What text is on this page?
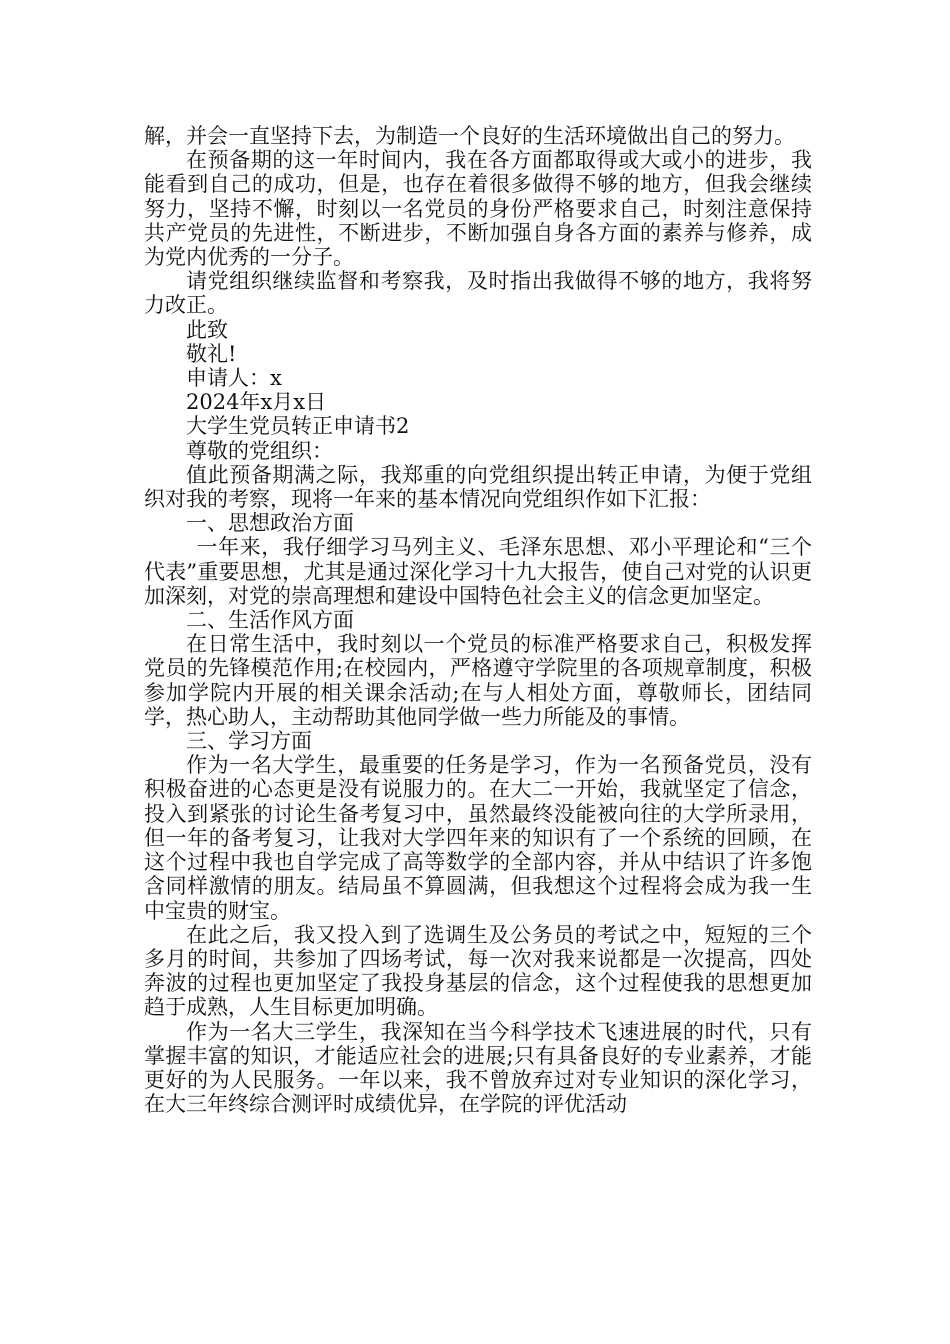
解，并会一直坚持下去，为制造一个良好的生活环境做出自己的努力。

在预备期的这一年时间内，我在各方面都取得或大或小的进步，我能看到自己的成功，但是，也存在着很多做得不够的地方，但我会继续努力，坚持不懈，时刻以一名党员的身份严格要求自己，时刻注意保持共产党员的先进性，不断进步，不断加强自身各方面的素养与修养，成为党内优秀的一分子。

请党组织继续监督和考察我，及时指出我做得不够的地方，我将努力改正。

此致

敬礼!

申请人：x

2024年x月x日

大学生党员转正申请书2

尊敬的党组织：

值此预备期满之际，我郑重的向党组织提出转正申请，为便于党组织对我的考察，现将一年来的基本情况向党组织作如下汇报：

一、思想政治方面

一年来，我仔细学习马列主义、毛泽东思想、邓小平理论和“三个代表”重要思想，尤其是通过深化学习十九大报告，使自己对党的认识更加深刻，对党的崇高理想和建设中国特色社会主义的信念更加坚定。

二、生活作风方面

在日常生活中，我时刻以一个党员的标准严格要求自己，积极发挥党员的先锋模范作用;在校园内，严格遵守学院里的各项规章制度，积极参加学院内开展的相关课余活动;在与人相处方面，尊敬师长，团结同学，热心助人，主动帮助其他同学做一些力所能及的事情。

三、学习方面

作为一名大学生，最重要的任务是学习，作为一名预备党员，没有积极奋进的心态更是没有说服力的。在大二一开始，我就坚定了信念，投入到紧张的讨论生备考复习中，虽然最终没能被向往的大学所录用，但一年的备考复习，让我对大学四年来的知识有了一个系统的回顾，在这个过程中我也自学完成了高等数学的全部内容，并从中结识了许多饱含同样激情的朋友。结局虽不算圆满，但我想这个过程将会成为我一生中宝贵的财宝。

在此之后，我又投入到了选调生及公务员的考试之中，短短的三个多月的时间，共参加了四场考试，每一次对我来说都是一次提高，四处奔波的过程也更加坚定了我投身基层的信念，这个过程使我的思想更加趋于成熟，人生目标更加明确。

作为一名大三学生，我深知在当今科学技术飞速进展的时代，只有掌握丰富的知识，才能适应社会的进展;只有具备良好的专业素养，才能更好的为人民服务。一年以来，我不曾放弃过对专业知识的深化学习，在大三年终综合测评时成绩优异，在学院的评优活动
